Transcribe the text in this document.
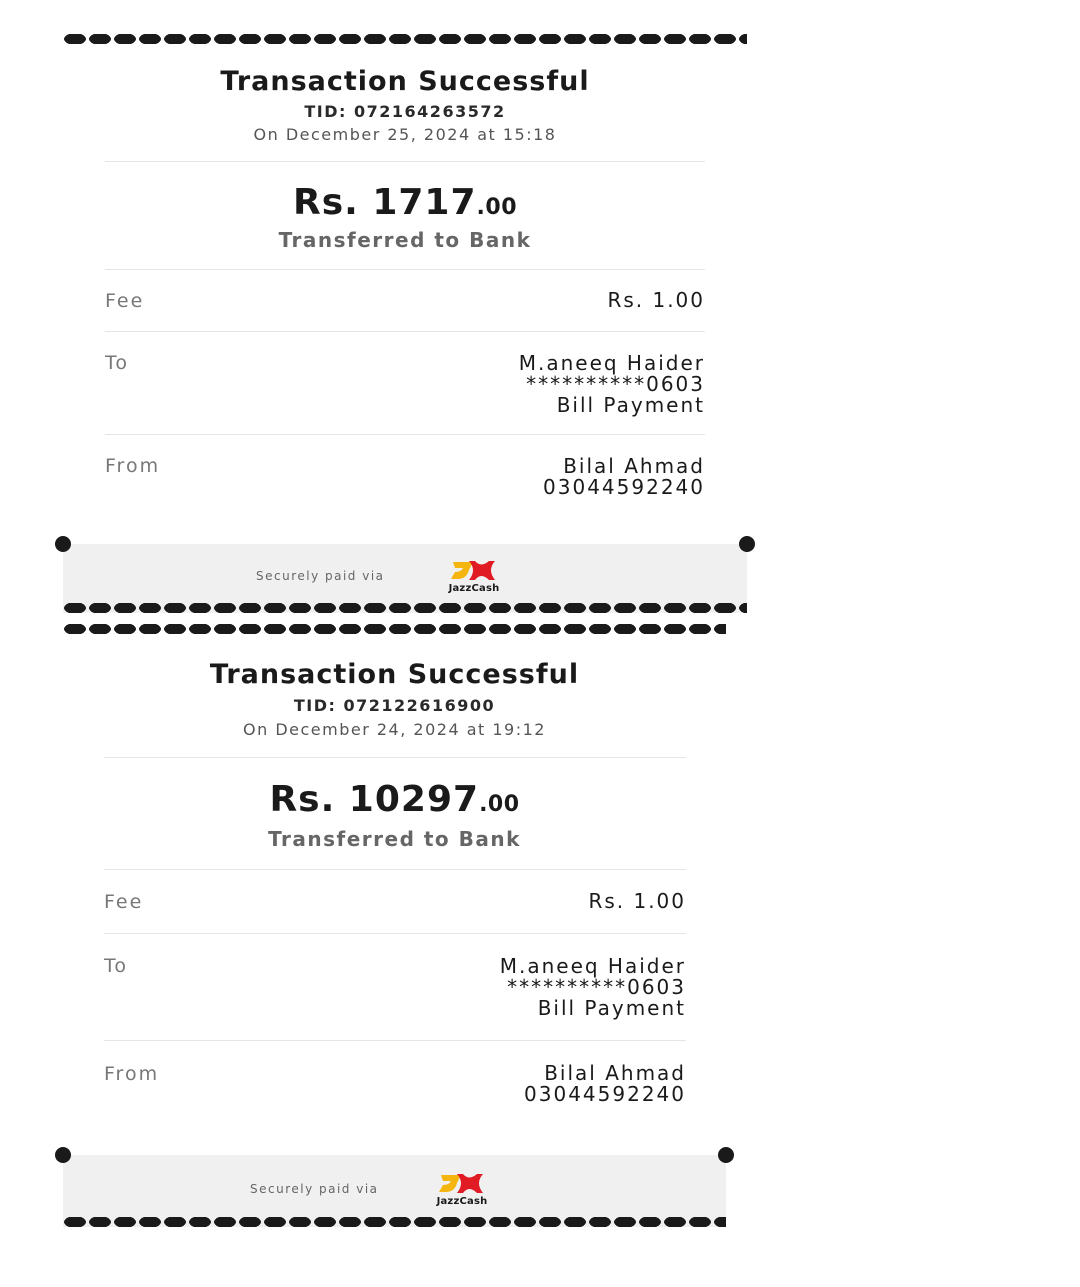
Transaction Successful
TID: 072164263572
On December 25, 2024 at 15:18
Rs. 1717.00
Transferred to Bank
Fee	Rs. 1.00
To	M.aneeq Haider
**********0603
Bill Payment
From	Bilal Ahmad
03044592240
Securely paid via
JazzCash
Transaction Successful
TID: 072122616900
On December 24, 2024 at 19:12
Rs. 10297.00
Transferred to Bank
Fee	Rs. 1.00
To	M.aneeq Haider
**********0603
Bill Payment
From	Bilal Ahmad
03044592240
Securely paid via
JazzCash
